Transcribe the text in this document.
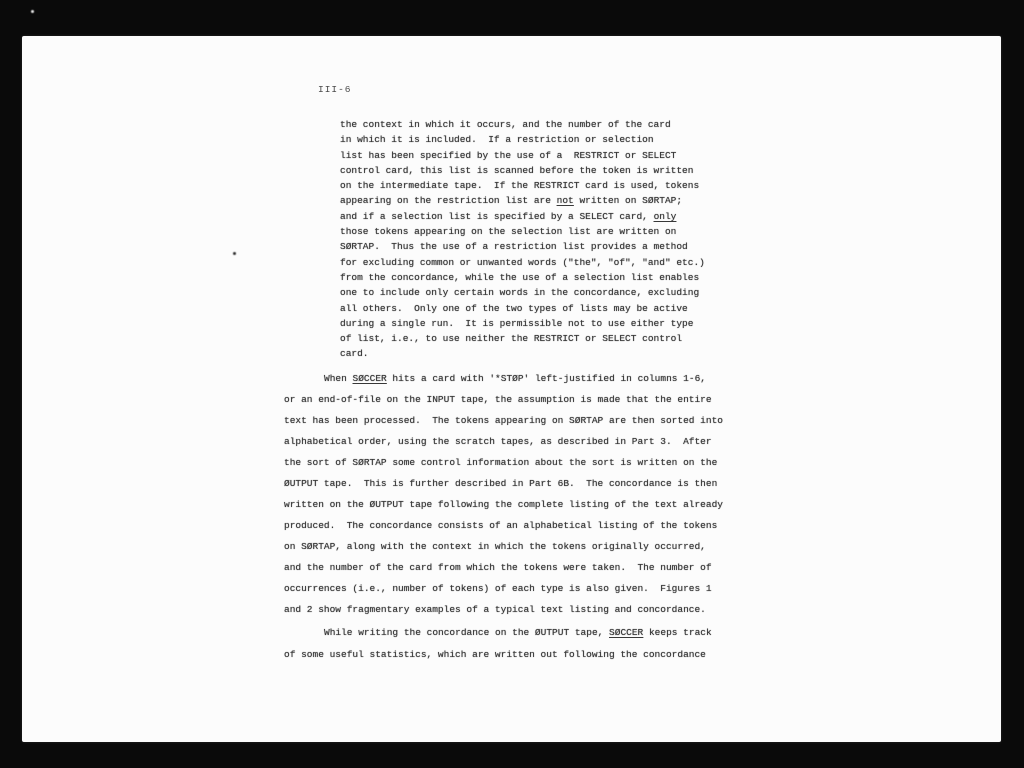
III-6
the context in which it occurs, and the number of the card
in which it is included.  If a restriction or selection
list has been specified by the use of a  RESTRICT or SELECT
control card, this list is scanned before the token is written
on the intermediate tape.  If the RESTRICT card is used, tokens
appearing on the restriction list are not written on SØRTAP;
and if a selection list is specified by a SELECT card, only
those tokens appearing on the selection list are written on
SØRTAP.  Thus the use of a restriction list provides a method
for excluding common or unwanted words ("the", "of", "and" etc.)
from the concordance, while the use of a selection list enables
one to include only certain words in the concordance, excluding
all others.  Only one of the two types of lists may be active
during a single run.  It is permissible not to use either type
of list, i.e., to use neither the RESTRICT or SELECT control
card.
When SØCCER hits a card with '*STØP' left-justified in columns 1-6,
or an end-of-file on the INPUT tape, the assumption is made that the entire
text has been processed.  The tokens appearing on SØRTAP are then sorted into
alphabetical order, using the scratch tapes, as described in Part 3.  After
the sort of SØRTAP some control information about the sort is written on the
ØUTPUT tape.  This is further described in Part 6B.  The concordance is then
written on the ØUTPUT tape following the complete listing of the text already
produced.  The concordance consists of an alphabetical listing of the tokens
on SØRTAP, along with the context in which the tokens originally occurred,
and the number of the card from which the tokens were taken.  The number of
occurrences (i.e., number of tokens) of each type is also given.  Figures 1
and 2 show fragmentary examples of a typical text listing and concordance.
While writing the concordance on the ØUTPUT tape, SØCCER keeps track
of some useful statistics, which are written out following the concordance
